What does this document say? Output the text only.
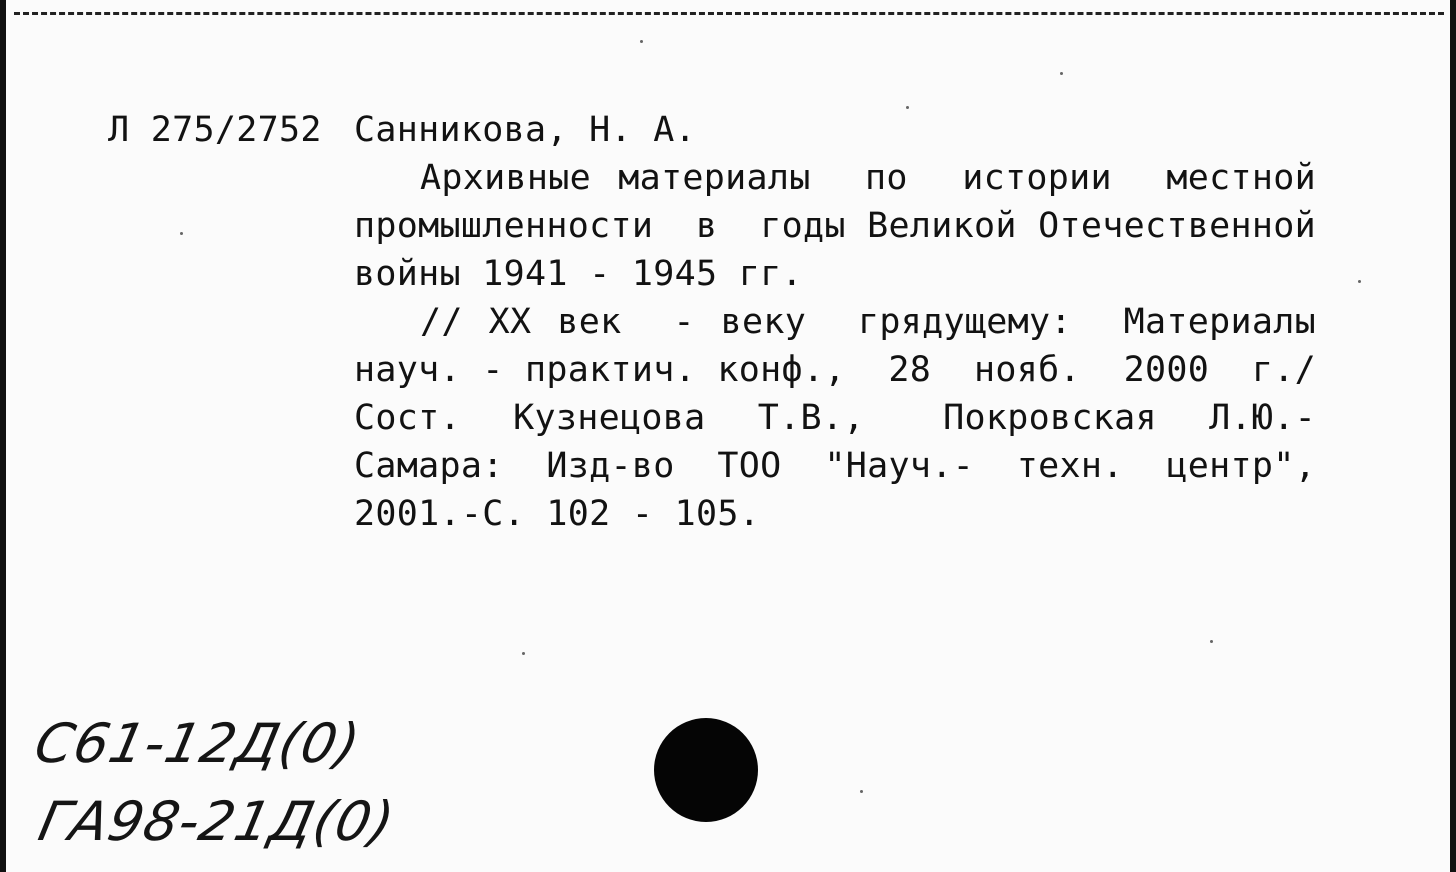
Л 275/2752 Санникова, Н. А.
Архивные материалы  по  истории  местной
промышленности  в  годы Великой Отечественной
войны 1941 - 1945 гг.
// XX век  - веку  грядущему:  Материалы
науч. - практич. конф.,  28  нояб.  2000  г./
Сост.  Кузнецова  Т.В.,   Покровская  Л.Ю.-
Самара:  Изд-во  ТОО  "Науч.-  техн.  центр",
2001.-С. 102 - 105.
С61-12Д(0)
ГА98-21Д(0)
